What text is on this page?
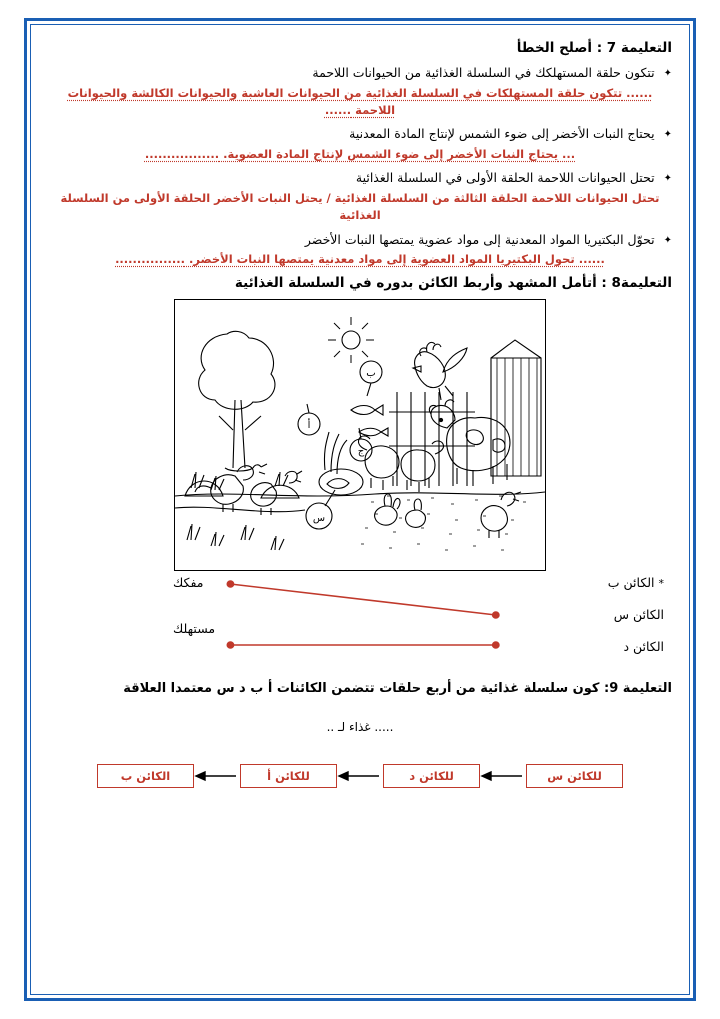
التعليمة 7 : أصلح الخطأ
✦ تتكون حلقة المستهلكك في السلسلة الغذائية من الحيوانات اللاحمة
...... تتكون حلقة المستهلكات في السلسلة الغذائية من الحيوانات العاشبة والحيوانات الكالشة والحيوانات اللاحمة ......
✦ يحتاج النبات الأخضر إلى ضوء الشمس لإنتاج المادة المعدنية
... يحتاج النبات الأخضر إلى ضوء الشمس لإنتاج المادة العضوية. .................
✦ تحتل الحيوانات اللاحمة الحلقة الأولى في السلسلة الغذائية
تحتل الحيوانات اللاحمة الحلقة الثالثة من السلسلة الغذائية / يحتل النبات الأخضر الحلقة الأولى من السلسلة الغذائية
✦ تحوّل البكتيريا المواد المعدنية إلى مواد عضوية يمتصها النبات الأخضر
...... تحول البكتيريا المواد العضوية إلى مواد معدنية يمتصها النبات الأخضر. ................
التعليمة8 : أتأمل المشهد وأربط الكائن بدوره في السلسلة الغذائية
ب
أ
ج
س
* الكائن ب
الكائن س
الكائن د
مفكك
مستهلك
التعليمة 9: كون سلسلة غذائية من أربع حلقات تتضمن الكائنات أ ب د س معتمدا العلاقة
..... غذاء لـ ..
للكائن س
للكائن د
للكائن أ
الكائن ب
